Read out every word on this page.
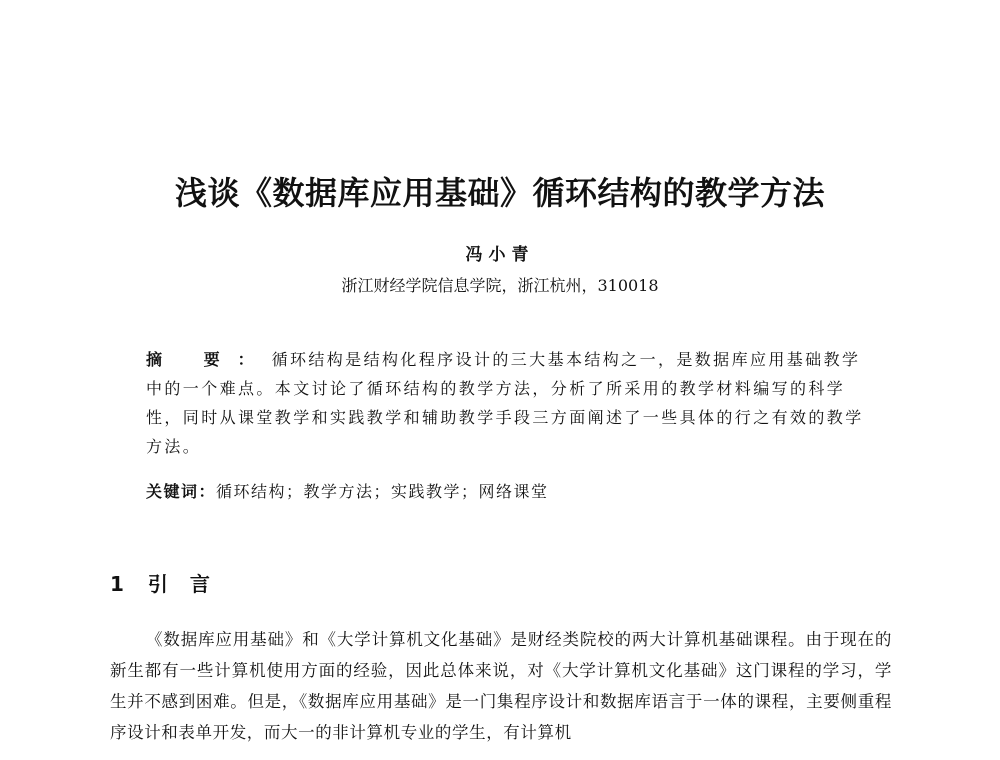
浅谈《数据库应用基础》循环结构的教学方法
冯小青
浙江财经学院信息学院，浙江杭州，310018
摘 要：循环结构是结构化程序设计的三大基本结构之一，是数据库应用基础教学中的一个难点。本文讨论了循环结构的教学方法，分析了所采用的教学材料编写的科学性，同时从课堂教学和实践教学和辅助教学手段三方面阐述了一些具体的行之有效的教学方法。
关键词：循环结构；教学方法；实践教学；网络课堂
1 引言
《数据库应用基础》和《大学计算机文化基础》是财经类院校的两大计算机基础课程。由于现在的新生都有一些计算机使用方面的经验，因此总体来说，对《大学计算机文化基础》这门课程的学习，学生并不感到困难。但是，《数据库应用基础》是一门集程序设计和数据库语言于一体的课程，主要侧重程序设计和表单开发，而大一的非计算机专业的学生，有计算机
